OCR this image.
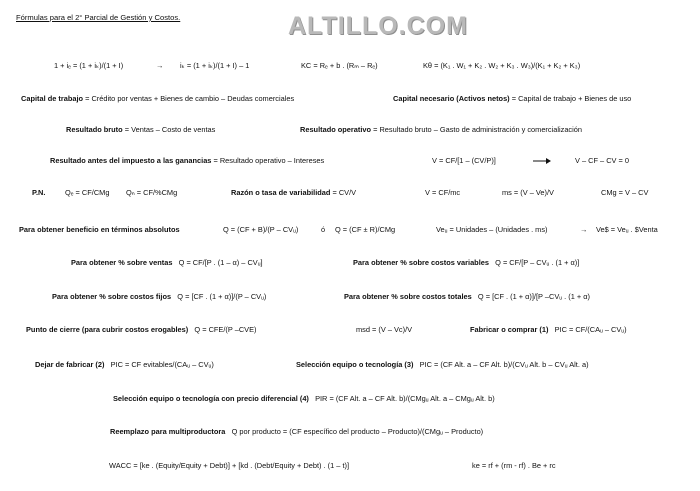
Fórmulas para el 2° Parcial de Gestión y Costos.	ALTILLO.COM
1 + iₑ = (1 + iₖ)/(1 + I)	→ iₖ = (1 + iₖ)/(1 + I) – 1	KC = Rₑ + b . (Rₘ – Rₑ)	Kθ = (K₁ . W₁ + K₂ . W₂ + K₃ . W₃)/(K₁ + K₂ + K₃)
Capital de trabajo = Crédito por ventas + Bienes de cambio – Deudas comerciales	Capital necesario (Activos netos) = Capital de trabajo + Bienes de uso
Resultado bruto = Ventas – Costo de ventas	Resultado operativo = Resultado bruto – Gasto de administración y comercialización
Resultado antes del impuesto a las ganancias = Resultado operativo – Intereses	V = CF/[1 – (CV/P)]	V – CF – CV = 0
P.N.	Qₑ = CF/CMg Qₙ = CF/%CMg	Razón o tasa de variabilidad = CV/V	V = CF/mc	ms = (V – Ve)/V	CMg = V – CV
Para obtener beneficio en términos absolutos	Q = (CF + B)/(P – CVᵤ)	ó Q = (CF ± R)/CMg	Veᵤ = Unidades – (Unidades . ms)	→ Ve$ = Veᵤ . $Venta
Para obtener % sobre ventas Q = CF/[P . (1 – α) – CVᵤ]	Para obtener % sobre costos variables Q = CF/[P – CVᵤ . (1 + α)]
Para obtener % sobre costos fijos Q = [CF . (1 + α)]/(P – CVᵤ)	Para obtener % sobre costos totales Q = [CF . (1 + α)]/[P –CVᵤ . (1 + α)
Punto de cierre (para cubrir costos erogables) Q = CFE/(P –CVE)	msd = (V – Vc)/V	Fabricar o comprar (1) PIC = CF/(CAᵤ – CVᵤ)
Dejar de fabricar (2) PIC = CF evitables/(CAᵤ – CVᵤ)	Selección equipo o tecnología (3) PIC = (CF Alt. a – CF Alt. b)/(CVᵤ Alt. b – CVᵤ Alt. a)
Selección equipo o tecnología con precio diferencial (4) PIR = (CF Alt. a – CF Alt. b)/(CMgᵤ Alt. a – CMgᵤ Alt. b)
Reemplazo para multiproductora Q por producto = (CF específico del producto – Producto)/(CMgᵤ – Producto)
WACC = [ke . (Equity/Equity + Debt)] + [kd . (Debt/Equity + Debt) . (1 – t)]	ke = rf + (rm - rf) . Be + rc
